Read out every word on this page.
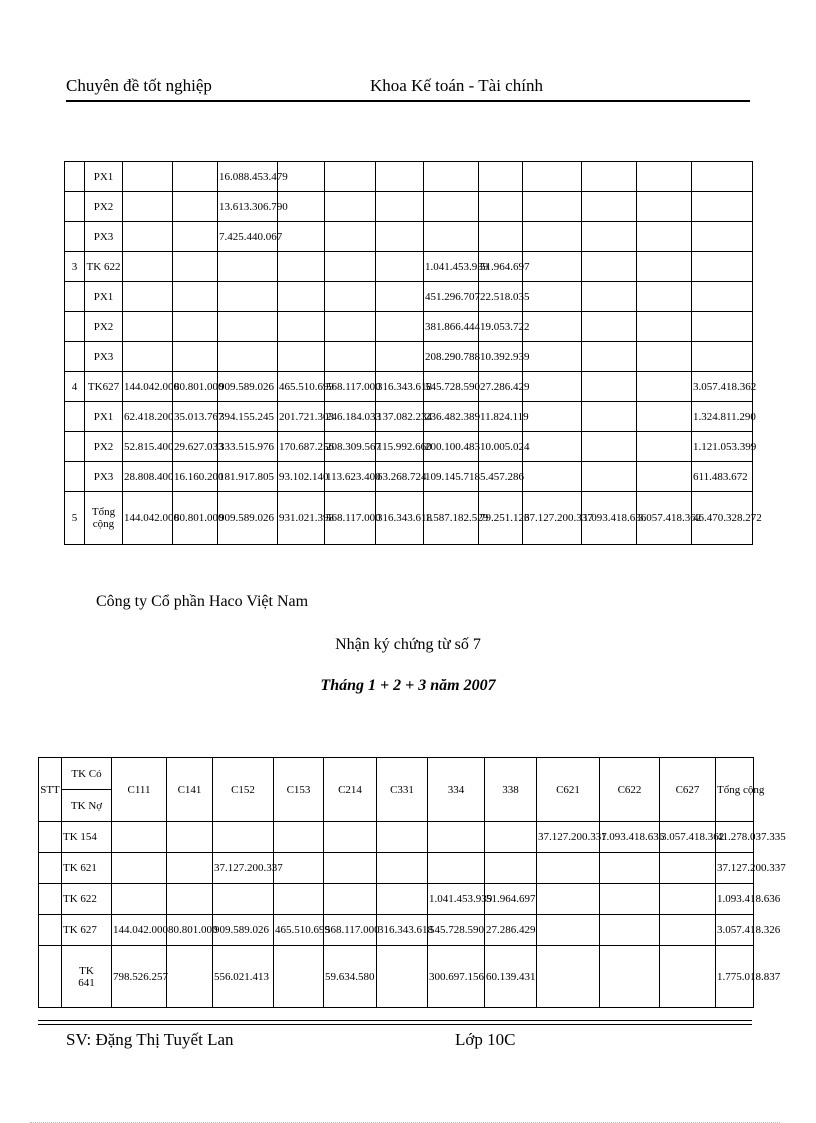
Chuyên đề tốt nghiệp	Khoa Kế toán - Tài chính
	PX1			16.088.453.479									
	PX2			13.613.306.790									
	PX3			7.425.440.067									
3	TK 622							1.041.453.939	51.964.697				
	PX1							451.296.707	22.518.035				
	PX2							381.866.444	19.053.722				
	PX3							208.290.788	10.392.939				
4	TK627	144.042.000	80.801.000	909.589.026	465.510.699	568.117.000	316.343.618	545.728.590	27.286.429				3.057.418.362
	PX1	62.418.200	35.013.767	394.155.245	201.721.303	246.184.033	137.082.234	236.482.389	11.824.119				1.324.811.290
	PX2	52.815.400	29.627.033	333.515.976	170.687.256	208.309.567	115.992.660	200.100.483	10.005.024				1.121.053.399
	PX3	28.808.400	16.160.200	181.917.805	93.102.140	113.623.400	63.268.724	109.145.718	5.457.286				611.483.672
5	Tổng cộng	144.042.000	80.801.000	909.589.026	931.021.398	568.117.000	316.343.618	1.587.182.529	79.251.126	37.127.200.337	1.093.418.636	3.057.418.362	46.470.328.272
Công ty Cổ phần Haco Việt Nam
Nhận ký chứng từ số 7
Tháng 1 + 2 + 3 năm 2007
STT	TK Có	C111	C141	C152	C153	C214	C331	334	338	C621	C622	C627	Tổng cộng
	TK Nợ												
	TK 154									37.127.200.337	1.093.418.636	3.057.418.362	41.278.037.335
	TK 621			37.127.200.337									37.127.200.337
	TK 622							1.041.453.939	51.964.697				1.093.418.636
	TK 627	144.042.000	80.801.000	909.589.026	465.510.699	568.117.000	316.343.618	545.728.590	27.286.429				3.057.418.326
	TK 641	798.526.257		556.021.413		59.634.580		300.697.156	60.139.431				1.775.018.837
SV: Đặng Thị Tuyết Lan	Lớp 10C
